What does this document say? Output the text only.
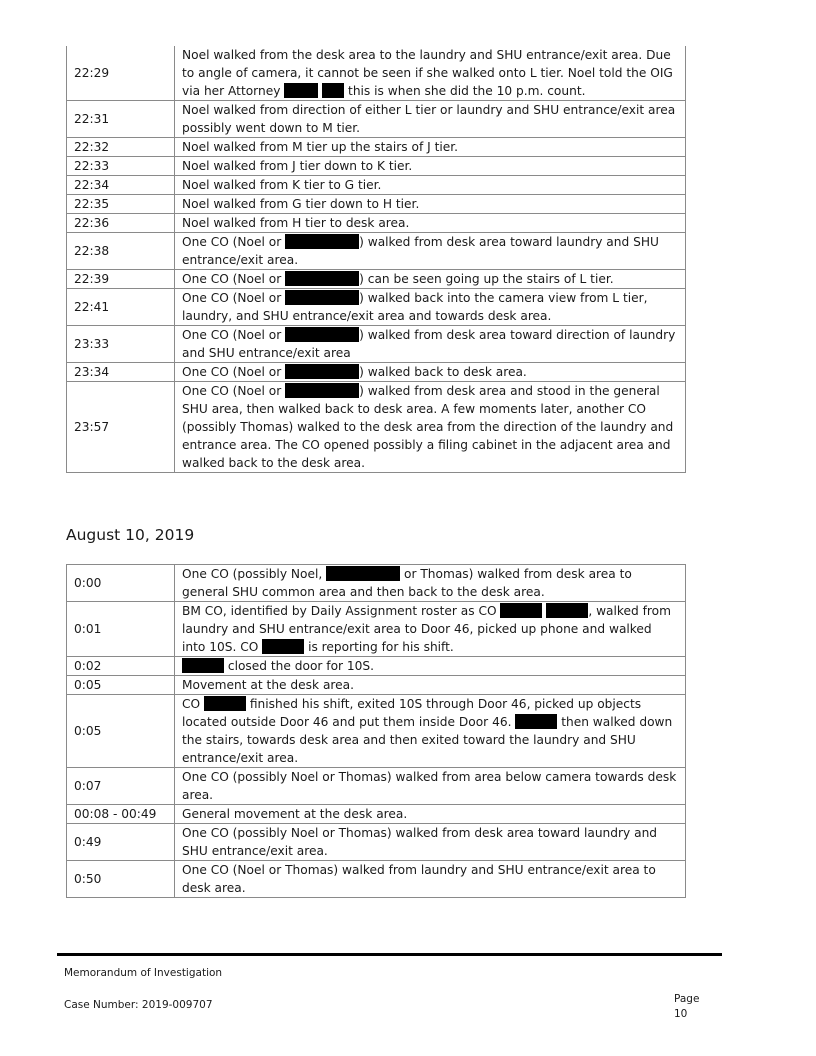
22:29	Noel walked from the desk area to the laundry and SHU entrance/exit area. Due to angle of camera, it cannot be seen if she walked onto L tier. Noel told the OIG via her Attorney this is when she did the 10 p.m. count.
22:31	Noel walked from direction of either L tier or laundry and SHU entrance/exit area possibly went down to M tier.
22:32	Noel walked from M tier up the stairs of J tier.
22:33	Noel walked from J tier down to K tier.
22:34	Noel walked from K tier to G tier.
22:35	Noel walked from G tier down to H tier.
22:36	Noel walked from H tier to desk area.
22:38	One CO (Noel or ) walked from desk area toward laundry and SHU entrance/exit area.
22:39	One CO (Noel or ) can be seen going up the stairs of L tier.
22:41	One CO (Noel or ) walked back into the camera view from L tier, laundry, and SHU entrance/exit area and towards desk area.
23:33	One CO (Noel or ) walked from desk area toward direction of laundry and SHU entrance/exit area
23:34	One CO (Noel or ) walked back to desk area.
23:57	One CO (Noel or ) walked from desk area and stood in the general SHU area, then walked back to desk area. A few moments later, another CO (possibly Thomas) walked to the desk area from the direction of the laundry and entrance area. The CO opened possibly a filing cabinet in the adjacent area and walked back to the desk area.
August 10, 2019
0:00	One CO (possibly Noel, or Thomas) walked from desk area to general SHU common area and then back to the desk area.
0:01	BM CO, identified by Daily Assignment roster as CO , walked from laundry and SHU entrance/exit area to Door 46, picked up phone and walked into 10S. CO is reporting for his shift.
0:02	closed the door for 10S.
0:05	Movement at the desk area.
0:05	CO finished his shift, exited 10S through Door 46, picked up objects located outside Door 46 and put them inside Door 46. then walked down the stairs, towards desk area and then exited toward the laundry and SHU entrance/exit area.
0:07	One CO (possibly Noel or Thomas) walked from area below camera towards desk area.
00:08 - 00:49	General movement at the desk area.
0:49	One CO (possibly Noel or Thomas) walked from desk area toward laundry and SHU entrance/exit area.
0:50	One CO (Noel or Thomas) walked from laundry and SHU entrance/exit area to desk area.
Memorandum of Investigation
Case Number: 2019-009707	Page
10
